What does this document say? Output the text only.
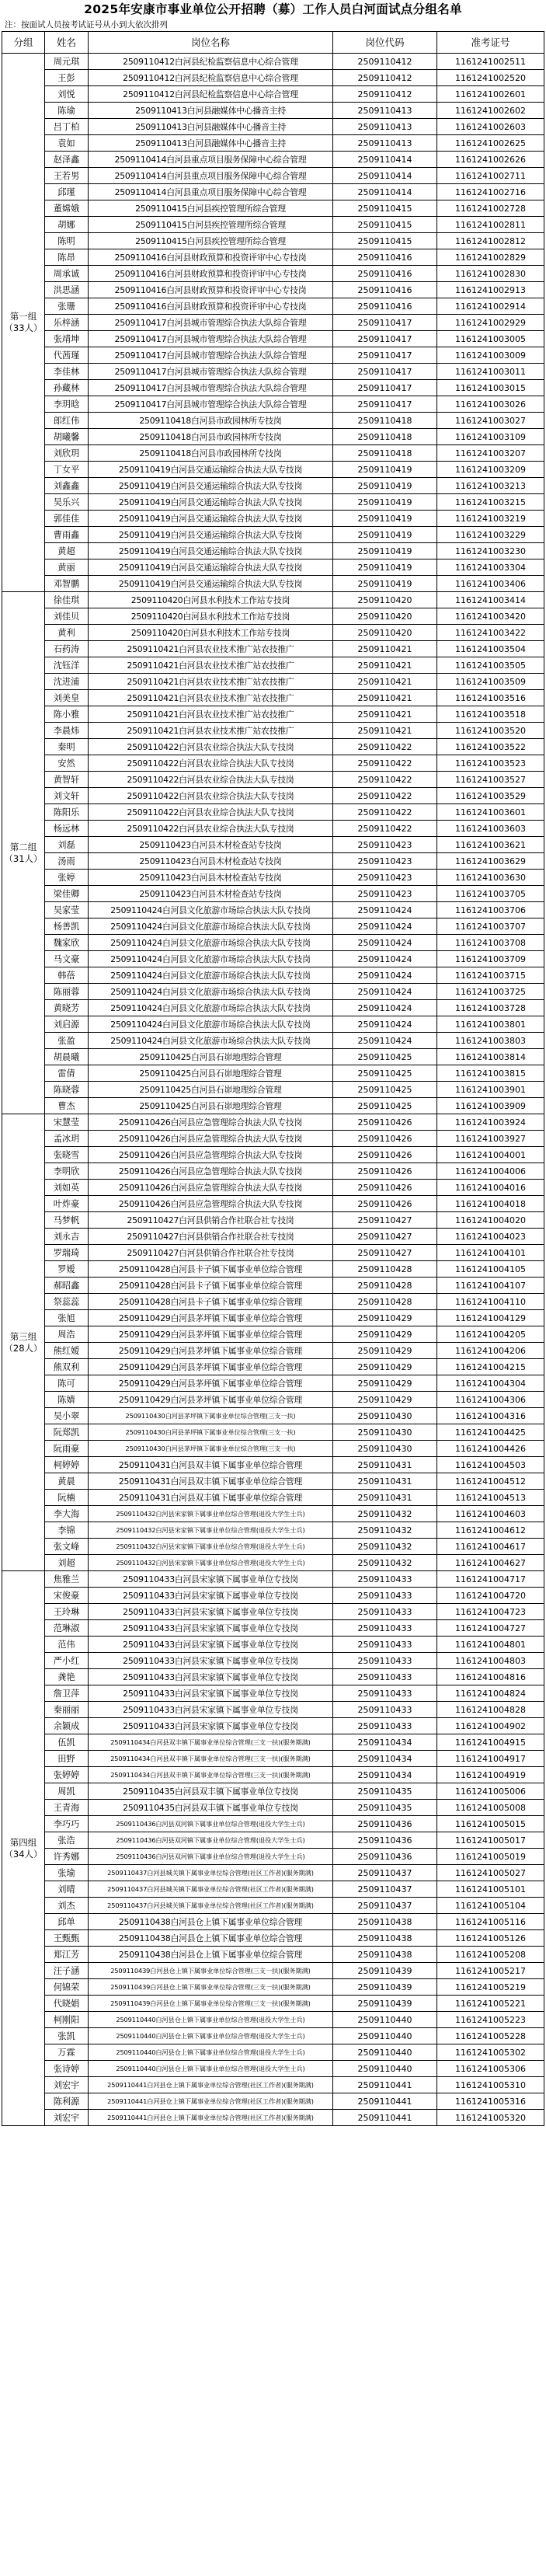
2025年安康市事业单位公开招聘（募）工作人员白河面试点分组名单
注：按面试人员按考试证号从小到大依次排列
分组	姓名	岗位名称	岗位代码	准考证号
第一组（33人）	周元琪	2509110412白河县纪检监察信息中心综合管理	2509110412	1161241002511
	王彭	2509110412白河县纪检监察信息中心综合管理	2509110412	1161241002520
	刘悦	2509110412白河县纪检监察信息中心综合管理	2509110412	1161241002601
	陈瑜	2509110413白河县融媒体中心播音主持	2509110413	1161241002602
	吕丁柏	2509110413白河县融媒体中心播音主持	2509110413	1161241002603
	袁如	2509110413白河县融媒体中心播音主持	2509110413	1161241002625
	赵泽鑫	2509110414白河县重点项目服务保障中心综合管理	2509110414	1161241002626
	王若男	2509110414白河县重点项目服务保障中心综合管理	2509110414	1161241002711
	邱瑾	2509110414白河县重点项目服务保障中心综合管理	2509110414	1161241002716
	董嫦娥	2509110415白河县疾控管理所综合管理	2509110415	1161241002728
	胡娜	2509110415白河县疾控管理所综合管理	2509110415	1161241002811
	陈明	2509110415白河县疾控管理所综合管理	2509110415	1161241002812
	陈昂	2509110416白河县财政预算和投资评审中心专技岗	2509110416	1161241002829
	周承诚	2509110416白河县财政预算和投资评审中心专技岗	2509110416	1161241002830
	洪思涵	2509110416白河县财政预算和投资评审中心专技岗	2509110416	1161241002913
	张珊	2509110416白河县财政预算和投资评审中心专技岗	2509110416	1161241002914
	乐梓涵	2509110417白河县城市管理综合执法大队综合管理	2509110417	1161241002929
	张靖坤	2509110417白河县城市管理综合执法大队综合管理	2509110417	1161241003005
	代茜瑾	2509110417白河县城市管理综合执法大队综合管理	2509110417	1161241003009
	李佳林	2509110417白河县城市管理综合执法大队综合管理	2509110417	1161241003011
	孙藏林	2509110417白河县城市管理综合执法大队综合管理	2509110417	1161241003015
	李玥晗	2509110417白河县城市管理综合执法大队综合管理	2509110417	1161241003026
	郎红伟	2509110418白河县市政园林所专技岗	2509110418	1161241003027
	胡曦馨	2509110418白河县市政园林所专技岗	2509110418	1161241003109
	刘欣玥	2509110418白河县市政园林所专技岗	2509110418	1161241003207
	丁女平	2509110419白河县交通运输综合执法大队专技岗	2509110419	1161241003209
	刘鑫鑫	2509110419白河县交通运输综合执法大队专技岗	2509110419	1161241003213
	吴乐兴	2509110419白河县交通运输综合执法大队专技岗	2509110419	1161241003215
	郭佳佳	2509110419白河县交通运输综合执法大队专技岗	2509110419	1161241003219
	曹雨鑫	2509110419白河县交通运输综合执法大队专技岗	2509110419	1161241003229
	黄超	2509110419白河县交通运输综合执法大队专技岗	2509110419	1161241003230
	黄丽	2509110419白河县交通运输综合执法大队专技岗	2509110419	1161241003304
	邓智鹏	2509110419白河县交通运输综合执法大队专技岗	2509110419	1161241003406
第二组（31人）	徐佳琪	2509110420白河县水利技术工作站专技岗	2509110420	1161241003414
	刘佳贝	2509110420白河县水利技术工作站专技岗	2509110420	1161241003420
	黄利	2509110420白河县水利技术工作站专技岗	2509110420	1161241003422
	石药涛	2509110421白河县农业技术推广站农技推广	2509110421	1161241003504
	沈钰洋	2509110421白河县农业技术推广站农技推广	2509110421	1161241003505
	沈进浦	2509110421白河县农业技术推广站农技推广	2509110421	1161241003509
	刘美皇	2509110421白河县农业技术推广站农技推广	2509110421	1161241003516
	陈小雅	2509110421白河县农业技术推广站农技推广	2509110421	1161241003518
	李晨炜	2509110421白河县农业技术推广站农技推广	2509110421	1161241003520
	秦明	2509110422白河县农业综合执法大队专技岗	2509110422	1161241003522
	安然	2509110422白河县农业综合执法大队专技岗	2509110422	1161241003523
	黄智轩	2509110422白河县农业综合执法大队专技岗	2509110422	1161241003527
	刘文轩	2509110422白河县农业综合执法大队专技岗	2509110422	1161241003529
	陈阳乐	2509110422白河县农业综合执法大队专技岗	2509110422	1161241003601
	杨远林	2509110422白河县农业综合执法大队专技岗	2509110422	1161241003603
	刘磊	2509110423白河县木材检查站专技岗	2509110423	1161241003621
	汤雨	2509110423白河县木材检查站专技岗	2509110423	1161241003629
	张婷	2509110423白河县木材检查站专技岗	2509110423	1161241003630
	梁佳卿	2509110423白河县木材检查站专技岗	2509110423	1161241003705
	吴家莹	2509110424白河县文化旅游市场综合执法大队专技岗	2509110424	1161241003706
	杨善凯	2509110424白河县文化旅游市场综合执法大队专技岗	2509110424	1161241003707
	魏家欣	2509110424白河县文化旅游市场综合执法大队专技岗	2509110424	1161241003708
	马文豪	2509110424白河县文化旅游市场综合执法大队专技岗	2509110424	1161241003709
	韩蓓	2509110424白河县文化旅游市场综合执法大队专技岗	2509110424	1161241003715
	陈丽蓉	2509110424白河县文化旅游市场综合执法大队专技岗	2509110424	1161241003725
	黄晓芳	2509110424白河县文化旅游市场综合执法大队专技岗	2509110424	1161241003728
	刘启源	2509110424白河县文化旅游市场综合执法大队专技岗	2509110424	1161241003801
	张盈	2509110424白河县文化旅游市场综合执法大队专技岗	2509110424	1161241003803
	胡晨曦	2509110425白河县石峁地理综合管理	2509110425	1161241003814
	雷倩	2509110425白河县石峁地理综合管理	2509110425	1161241003815
	陈晓蓉	2509110425白河县石峁地理综合管理	2509110425	1161241003901
	曹杰	2509110425白河县石峁地理综合管理	2509110425	1161241003909
第三组（28人）	宋慧莹	2509110426白河县应急管理综合执法大队专技岗	2509110426	1161241003924
	孟冰玥	2509110426白河县应急管理综合执法大队专技岗	2509110426	1161241003927
	张晓雪	2509110426白河县应急管理综合执法大队专技岗	2509110426	1161241004001
	李明欣	2509110426白河县应急管理综合执法大队专技岗	2509110426	1161241004006
	刘如英	2509110426白河县应急管理综合执法大队专技岗	2509110426	1161241004016
	叶炸豪	2509110426白河县应急管理综合执法大队专技岗	2509110426	1161241004018
	马梦帆	2509110427白河县供销合作社联合社专技岗	2509110427	1161241004020
	刘永吉	2509110427白河县供销合作社联合社专技岗	2509110427	1161241004023
	罗瑞琦	2509110427白河县供销合作社联合社专技岗	2509110427	1161241004101
	罗嫒	2509110428白河县卡子镇下属事业单位综合管理	2509110428	1161241004105
	郝昭鑫	2509110428白河县卡子镇下属事业单位综合管理	2509110428	1161241004107
	祭蕊蕊	2509110428白河县卡子镇下属事业单位综合管理	2509110428	1161241004110
	张旭	2509110429白河县茅坪镇下属事业单位综合管理	2509110429	1161241004129
	周浩	2509110429白河县茅坪镇下属事业单位综合管理	2509110429	1161241004205
	熊红嫒	2509110429白河县茅坪镇下属事业单位综合管理	2509110429	1161241004206
	熊双利	2509110429白河县茅坪镇下属事业单位综合管理	2509110429	1161241004215
	陈可	2509110429白河县茅坪镇下属事业单位综合管理	2509110429	1161241004304
	陈婧	2509110429白河县茅坪镇下属事业单位综合管理	2509110429	1161241004306
	吴小翠	2509110430白河县茅坪镇下属事业单位综合管理(三支一扶)	2509110430	1161241004316
	阮郑凯	2509110430白河县茅坪镇下属事业单位综合管理(三支一扶)	2509110430	1161241004425
	阮雨豪	2509110430白河县茅坪镇下属事业单位综合管理(三支一扶)	2509110430	1161241004426
	柯婷婷	2509110431白河县双丰镇下属事业单位综合管理	2509110431	1161241004503
	黄晨	2509110431白河县双丰镇下属事业单位综合管理	2509110431	1161241004512
	阮楠	2509110431白河县双丰镇下属事业单位综合管理	2509110431	1161241004513
	李大海	2509110432白河县宋家镇下属事业单位综合管理(退役大学生士兵)	2509110432	1161241004603
	李锦	2509110432白河县宋家镇下属事业单位综合管理(退役大学生士兵)	2509110432	1161241004612
	张文峰	2509110432白河县宋家镇下属事业单位综合管理(退役大学生士兵)	2509110432	1161241004617
	刘超	2509110432白河县宋家镇下属事业单位综合管理(退役大学生士兵)	2509110432	1161241004627
第四组（34人）	焦雅兰	2509110433白河县宋家镇下属事业单位专技岗	2509110433	1161241004717
	宋俊豪	2509110433白河县宋家镇下属事业单位专技岗	2509110433	1161241004720
	王玲琳	2509110433白河县宋家镇下属事业单位专技岗	2509110433	1161241004723
	范琳淑	2509110433白河县宋家镇下属事业单位专技岗	2509110433	1161241004727
	范伟	2509110433白河县宋家镇下属事业单位专技岗	2509110433	1161241004801
	严小红	2509110433白河县宋家镇下属事业单位专技岗	2509110433	1161241004803
	龚艳	2509110433白河县宋家镇下属事业单位专技岗	2509110433	1161241004816
	詹卫萍	2509110433白河县宋家镇下属事业单位专技岗	2509110433	1161241004824
	秦丽丽	2509110433白河县宋家镇下属事业单位专技岗	2509110433	1161241004828
	余颖成	2509110433白河县宋家镇下属事业单位专技岗	2509110433	1161241004902
	伍凯	2509110434白河县双丰镇下属事业单位综合管理(三支一扶)(服务期满)	2509110434	1161241004915
	田野	2509110434白河县双丰镇下属事业单位综合管理(三支一扶)(服务期满)	2509110434	1161241004917
	张婷婷	2509110434白河县双丰镇下属事业单位综合管理(三支一扶)(服务期满)	2509110434	1161241004919
	周凯	2509110435白河县双丰镇下属事业单位专技岗	2509110435	1161241005006
	王青海	2509110435白河县双丰镇下属事业单位专技岗	2509110435	1161241005008
	李巧巧	2509110436白河县双河镇下属事业单位综合管理(退役大学生士兵)	2509110436	1161241005015
	张浩	2509110436白河县双河镇下属事业单位综合管理(退役大学生士兵)	2509110436	1161241005017
	许秀娜	2509110436白河县双河镇下属事业单位综合管理(退役大学生士兵)	2509110436	1161241005019
	张瑜	2509110437白河县城关镇下属事业单位综合管理(社区工作者)(服务期满)	2509110437	1161241005027
	刘晴	2509110437白河县城关镇下属事业单位综合管理(社区工作者)(服务期满)	2509110437	1161241005101
	刘杰	2509110437白河县城关镇下属事业单位综合管理(社区工作者)(服务期满)	2509110437	1161241005104
	邱单	2509110438白河县仓上镇下属事业单位综合管理	2509110438	1161241005116
	王甄甄	2509110438白河县仓上镇下属事业单位综合管理	2509110438	1161241005126
	郑江芳	2509110438白河县仓上镇下属事业单位综合管理	2509110438	1161241005208
	汪子涵	2509110439白河县仓上镇下属事业单位综合管理(三支一扶)(服务期满)	2509110439	1161241005217
	何锦荣	2509110439白河县仓上镇下属事业单位综合管理(三支一扶)(服务期满)	2509110439	1161241005219
	代晓娟	2509110439白河县仓上镇下属事业单位综合管理(三支一扶)(服务期满)	2509110439	1161241005221
	柯刚阳	2509110440白河县仓上镇下属事业单位综合管理(退役大学生士兵)	2509110440	1161241005223
	张凯	2509110440白河县仓上镇下属事业单位综合管理(退役大学生士兵)	2509110440	1161241005228
	万霖	2509110440白河县仓上镇下属事业单位综合管理(退役大学生士兵)	2509110440	1161241005302
	张诗婷	2509110440白河县仓上镇下属事业单位综合管理(退役大学生士兵)	2509110440	1161241005306
	刘宏宇	2509110441白河县仓上镇下属事业单位综合管理(社区工作者)(服务期满)	2509110441	1161241005310
	陈利源	2509110441白河县仓上镇下属事业单位综合管理(社区工作者)(服务期满)	2509110441	1161241005316
	刘宏宇	2509110441白河县仓上镇下属事业单位综合管理(社区工作者)(服务期满)	2509110441	1161241005320
